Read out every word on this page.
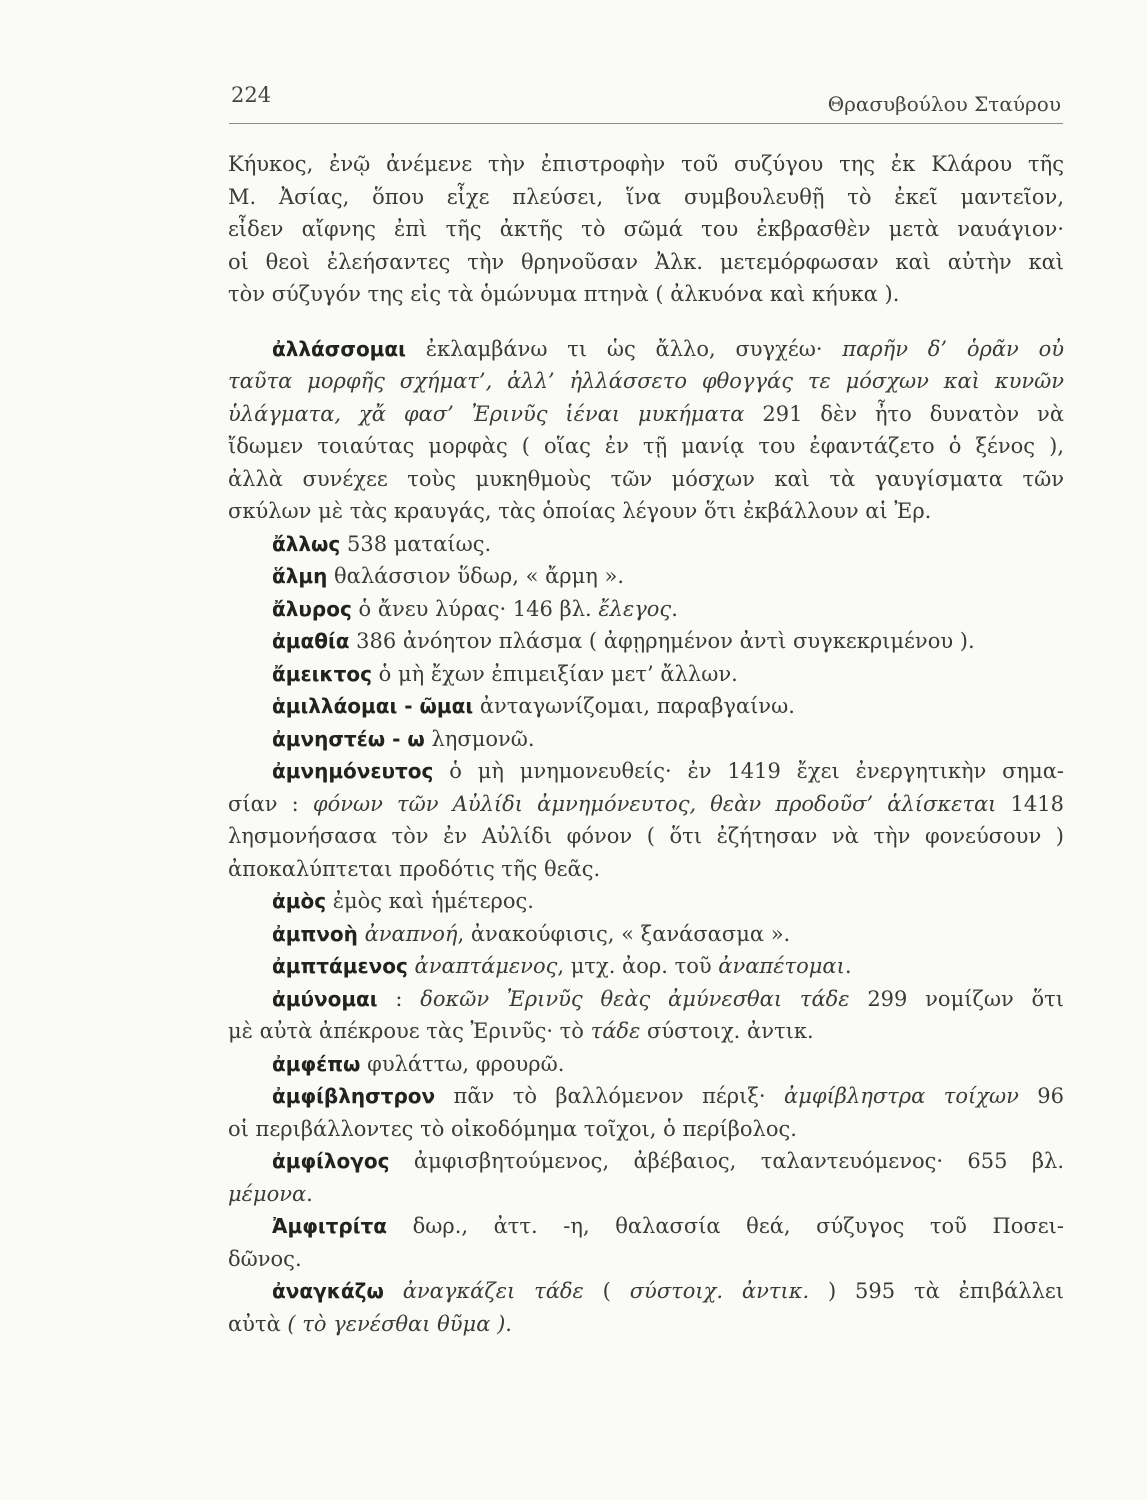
224	Θρασυβούλου Σταύρου
Κήυκος, ἐνῷ ἀνέμενε τὴν ἐπιστροφὴν τοῦ συζύγου της ἐκ Κλάρου τῆς
Μ. Ἀσίας, ὅπου εἶχε πλεύσει, ἵνα συμβουλευθῇ τὸ ἐκεῖ μαντεῖον,
εἶδεν αἴφνης ἐπὶ τῆς ἀκτῆς τὸ σῶμά του ἐκβρασθὲν μετὰ ναυάγιον·
οἱ θεοὶ ἐλεήσαντες τὴν θρηνοῦσαν Ἀλκ. μετεμόρφωσαν καὶ αὐτὴν καὶ
τὸν σύζυγόν της εἰς τὰ ὁμώνυμα πτηνὰ ( ἀλκυόνα καὶ κήυκα ).
ἀλλάσσομαι ἐκλαμβάνω τι ὡς ἄλλο, συγχέω· παρῆν δ’ ὁρᾶν οὐ
ταῦτα μορφῆς σχήματ’, ἀλλ’ ἠλλάσσετο φθογγάς τε μόσχων καὶ κυνῶν
ὑλάγματα, χἄ φασ’ Ἐρινῦς ἱέναι μυκήματα 291 δὲν ἦτο δυνατὸν νὰ
ἴδωμεν τοιαύτας μορφὰς ( οἵας ἐν τῇ μανίᾳ του ἐφαντάζετο ὁ ξένος ),
ἀλλὰ συνέχεε τοὺς μυκηθμοὺς τῶν μόσχων καὶ τὰ γαυγίσματα τῶν
σκύλων μὲ τὰς κραυγάς, τὰς ὁποίας λέγουν ὅτι ἐκβάλλουν αἱ Ἐρ.
ἄλλως 538 ματαίως.
ἅλμη θαλάσσιον ὕδωρ, « ἄρμη ».
ἄλυρος ὁ ἄνευ λύρας· 146 βλ. ἔλεγος.
ἀμαθία 386 ἀνόητον πλάσμα ( ἀφῃρημένον ἀντὶ συγκεκριμένου ).
ἄμεικτος ὁ μὴ ἔχων ἐπιμειξίαν μετ’ ἄλλων.
ἁμιλλάομαι - ῶμαι ἀνταγωνίζομαι, παραβγαίνω.
ἀμνηστέω - ω λησμονῶ.
ἀμνημόνευτος ὁ μὴ μνημονευθείς· ἐν 1419 ἔχει ἐνεργητικὴν σημα-
σίαν : φόνων τῶν Αὐλίδι ἀμνημόνευτος, θεὰν προδοῦσ’ ἁλίσκεται 1418
λησμονήσασα τὸν ἐν Αὐλίδι φόνον ( ὅτι ἐζήτησαν νὰ τὴν φονεύσουν )
ἀποκαλύπτεται προδότις τῆς θεᾶς.
ἀμὸς ἐμὸς καὶ ἡμέτερος.
ἀμπνοὴ ἀναπνοή, ἀνακούφισις, « ξανάσασμα ».
ἀμπτάμενος ἀναπτάμενος, μτχ. ἀορ. τοῦ ἀναπέτομαι.
ἀμύνομαι : δοκῶν Ἐρινῦς θεὰς ἀμύνεσθαι τάδε 299 νομίζων ὅτι
μὲ αὐτὰ ἀπέκρουε τὰς Ἐρινῦς· τὸ τάδε σύστοιχ. ἀντικ.
ἀμφέπω φυλάττω, φρουρῶ.
ἀμφίβληστρον πᾶν τὸ βαλλόμενον πέριξ· ἀμφίβληστρα τοίχων 96
οἱ περιβάλλοντες τὸ οἰκοδόμημα τοῖχοι, ὁ περίβολος.
ἀμφίλογος ἀμφισβητούμενος, ἀβέβαιος, ταλαντευόμενος· 655 βλ.
μέμονα.
Ἀμφιτρίτα δωρ., ἀττ. -η, θαλασσία θεά, σύζυγος τοῦ Ποσει-
δῶνος.
ἀναγκάζω ἀναγκάζει τάδε ( σύστοιχ. ἀντικ. ) 595 τὰ ἐπιβάλλει
αὐτὰ ( τὸ γενέσθαι θῦμα ).
